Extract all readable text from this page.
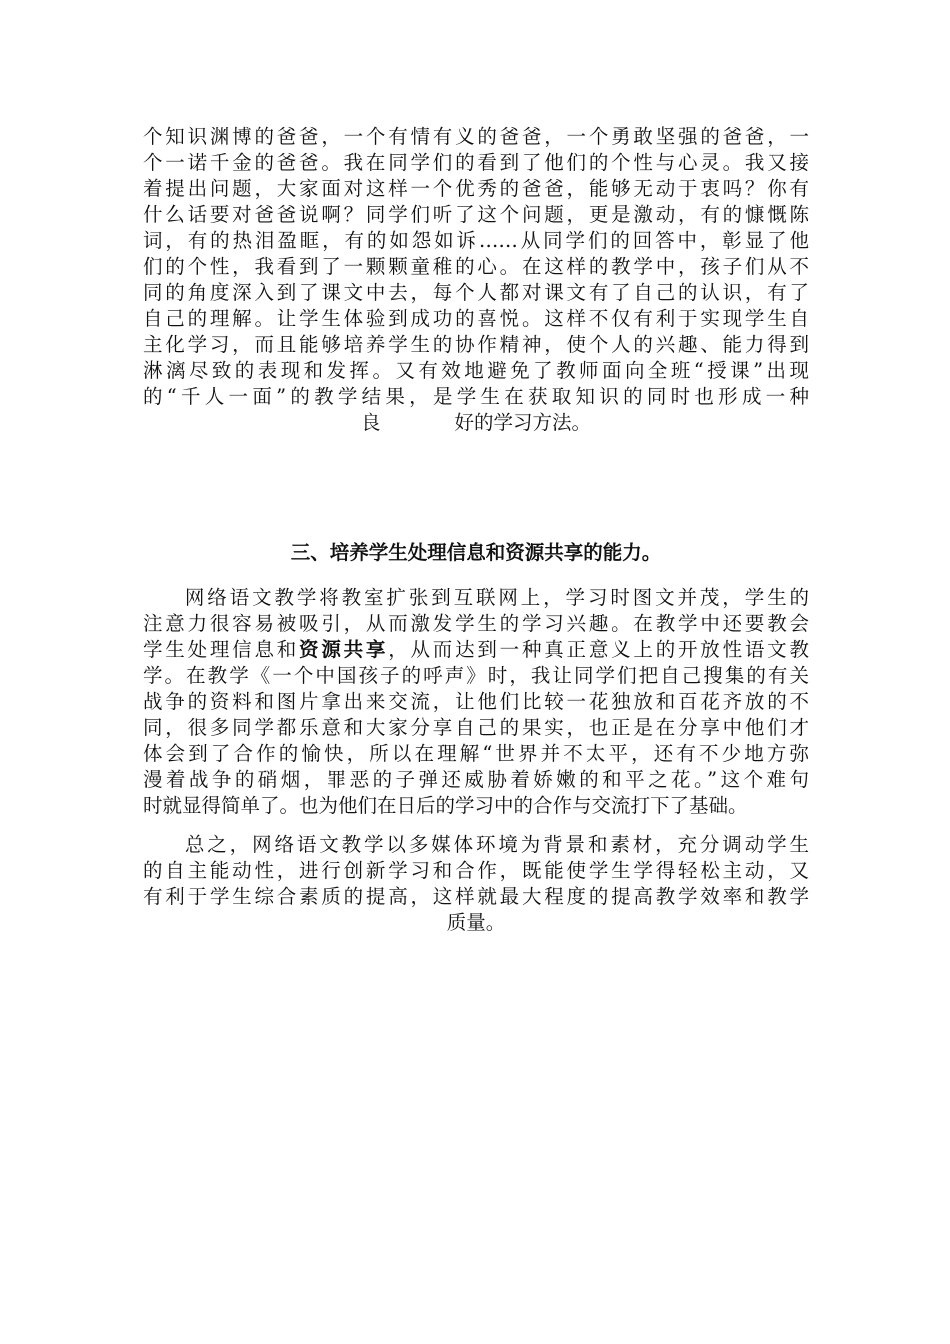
个知识渊博的爸爸，一个有情有义的爸爸，一个勇敢坚强的爸爸，一
个一诺千金的爸爸。我在同学们的看到了他们的个性与心灵。我又接
着提出问题，大家面对这样一个优秀的爸爸，能够无动于衷吗？你有
什么话要对爸爸说啊？同学们听了这个问题，更是激动，有的慷慨陈
词，有的热泪盈眶，有的如怨如诉……从同学们的回答中，彰显了他
们的个性，我看到了一颗颗童稚的心。在这样的教学中，孩子们从不
同的角度深入到了课文中去，每个人都对课文有了自己的认识，有了
自己的理解。让学生体验到成功的喜悦。这样不仅有利于实现学生自
主化学习，而且能够培养学生的协作精神，使个人的兴趣、能力得到
淋漓尽致的表现和发挥。又有效地避免了教师面向全班“授课”出现
的“千人一面”的教学结果，是学生在获取知识的同时也形成一种
良	好的学习方法。
三、培养学生处理信息和资源共享的能力。
网络语文教学将教室扩张到互联网上，学习时图文并茂，学生的
注意力很容易被吸引，从而激发学生的学习兴趣。在教学中还要教会
学生处理信息和资源共享，从而达到一种真正意义上的开放性语文教
学。在教学《一个中国孩子的呼声》时，我让同学们把自己搜集的有关
战争的资料和图片拿出来交流，让他们比较一花独放和百花齐放的不
同，很多同学都乐意和大家分享自己的果实，也正是在分享中他们才
体会到了合作的愉快，所以在理解“世界并不太平，还有不少地方弥
漫着战争的硝烟，罪恶的子弹还威胁着娇嫩的和平之花。”这个难句
时就显得简单了。也为他们在日后的学习中的合作与交流打下了基础。
总之，网络语文教学以多媒体环境为背景和素材，充分调动学生
的自主能动性，进行创新学习和合作，既能使学生学得轻松主动，又
有利于学生综合素质的提高，这样就最大程度的提高教学效率和教学
质量。
